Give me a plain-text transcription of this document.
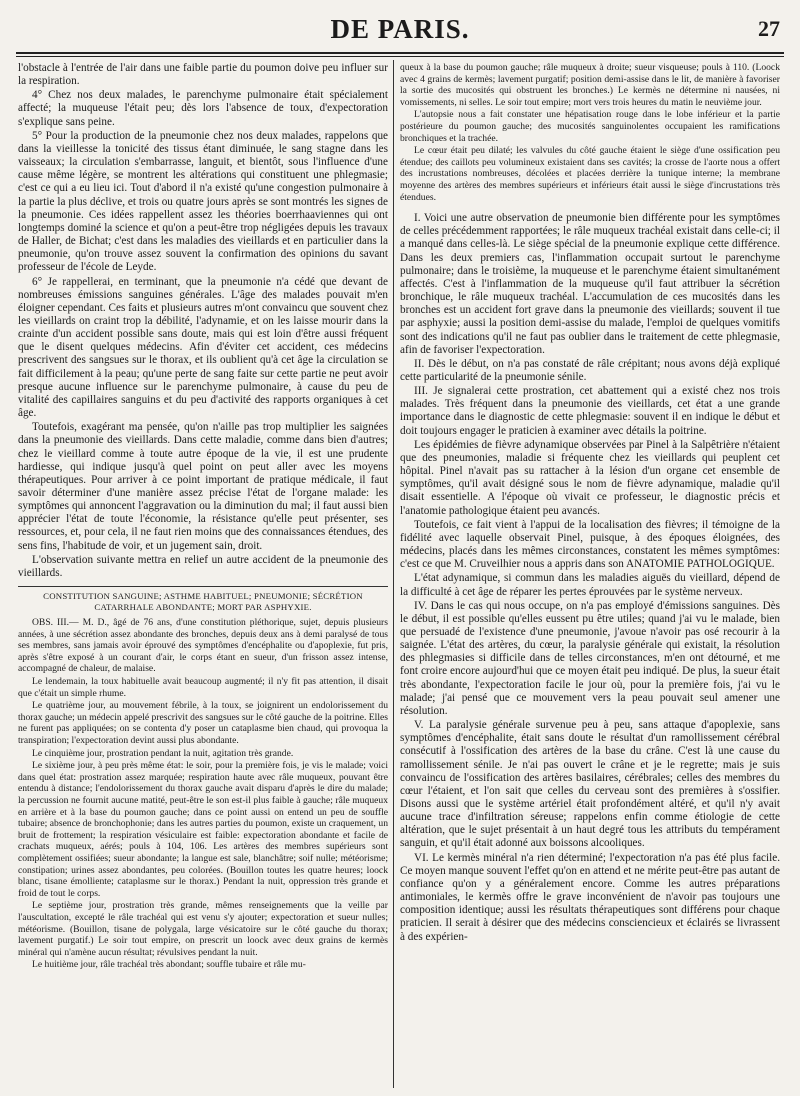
DE PARIS.	27

l'obstacle à l'entrée de l'air dans une faible partie du poumon doive peu influer sur la respiration.

4° Chez nos deux malades, le parenchyme pulmonaire était spécialement affecté; la muqueuse l'était peu; dès lors l'absence de toux, d'expectoration s'explique sans peine.

5° Pour la production de la pneumonie chez nos deux malades, rappelons que dans la vieillesse la tonicité des tissus étant diminuée, le sang stagne dans les vaisseaux; la circulation s'embarrasse, languit, et bientôt, sous l'influence d'une cause même légère, se montrent les altérations qui constituent une phlegmasie; c'est ce qui a eu lieu ici. Tout d'abord il n'a existé qu'une congestion pulmonaire à la partie la plus déclive, et trois ou quatre jours après se sont montrés les signes de la pneumonie. Ces idées rappellent assez les théories boerrhaaviennes qui ont longtemps dominé la science et qu'on a peut-être trop négligées depuis les travaux de Haller, de Bichat; c'est dans les maladies des vieillards et en particulier dans la pneumonie, qu'on trouve assez souvent la confirmation des opinions du savant professeur de l'école de Leyde.

6° Je rappellerai, en terminant, que la pneumonie n'a cédé que devant de nombreuses émissions sanguines générales. L'âge des malades pouvait m'en éloigner cependant. Ces faits et plusieurs autres m'ont convaincu que souvent chez les vieillards on craint trop la débilité, l'adynamie, et on les laisse mourir dans la crainte d'un accident possible sans doute, mais qui est loin d'être aussi fréquent que le disent quelques médecins. Afin d'éviter cet accident, ces médecins prescrivent des sangsues sur le thorax, et ils oublient qu'à cet âge la circulation se fait difficilement à la peau; qu'une perte de sang faite sur cette partie ne peut avoir presque aucune influence sur le parenchyme pulmonaire, à cause du peu de vitalité des capillaires sanguins et du peu d'activité des rapports organiques à cet âge.

Toutefois, exagérant ma pensée, qu'on n'aille pas trop multiplier les saignées dans la pneumonie des vieillards. Dans cette maladie, comme dans bien d'autres; chez le vieillard comme à toute autre époque de la vie, il est une prudente hardiesse, qui indique jusqu'à quel point on peut aller avec les moyens thérapeutiques. Pour arriver à ce point important de pratique médicale, il faut savoir déterminer d'une manière assez précise l'état de l'organe malade: les symptômes qui annoncent l'aggravation ou la diminution du mal; il faut aussi bien apprécier l'état de toute l'économie, la résistance qu'elle peut présenter, ses ressources, et, pour cela, il ne faut rien moins que des connaissances étendues, des sens fins, l'habitude de voir, et un jugement sain, droit.

L'observation suivante mettra en relief un autre accident de la pneumonie des vieillards.

CONSTITUTION SANGUINE; ASTHME HABITUEL; PNEUMONIE; SÉCRÉTION CATARRHALE ABONDANTE; MORT PAR ASPHYXIE.

OBS. III.— M. D., âgé de 76 ans, d'une constitution pléthorique, sujet, depuis plusieurs années, à une sécrétion assez abondante des bronches, depuis deux ans à demi paralysé de tous ses membres, sans jamais avoir éprouvé des symptômes d'encéphalite ou d'apoplexie, fut pris, après s'être exposé à un courant d'air, le corps étant en sueur, d'un frisson assez intense, accompagné de chaleur, de malaise.

Le lendemain, la toux habituelle avait beaucoup augmenté; il n'y fit pas attention, il disait que c'était un simple rhume.

Le quatrième jour, au mouvement fébrile, à la toux, se joignirent un endolorissement du thorax gauche; un médecin appelé prescrivit des sangsues sur le côté gauche de la poitrine. Elles ne furent pas appliquées; on se contenta d'y poser un cataplasme bien chaud, qui provoqua la transpiration; l'expectoration devint aussi plus abondante.

Le cinquième jour, prostration pendant la nuit, agitation très grande.

Le sixième jour, à peu près même état: le soir, pour la première fois, je vis le malade; voici dans quel état: prostration assez marquée; respiration haute avec râle muqueux, pouvant être entendu à distance; l'endolorissement du thorax gauche avait disparu d'après le dire du malade; la percussion ne fournit aucune matité, peut-être le son est-il plus faible à gauche; râle muqueux en arrière et à la base du poumon gauche; dans ce point aussi on entend un peu de souffle tubaire; absence de bronchophonie; dans les autres parties du poumon, existe un craquement, un bruit de frottement; la respiration vésiculaire est faible: expectoration abondante et facile de crachats muqueux, aérés; pouls à 104, 106. Les artères des membres supérieurs sont complètement ossifiées; sueur abondante; la langue est sale, blanchâtre; soif nulle; météorisme; constipation; urines assez abondantes, peu colorées. (Bouillon toutes les quatre heures; loock blanc, tisane émolliente; cataplasme sur le thorax.) Pendant la nuit, oppression très grande et froid de tout le corps.

Le septième jour, prostration très grande, mêmes renseignements que la veille par l'auscultation, excepté le râle trachéal qui est venu s'y ajouter; expectoration et sueur nulles; météorisme. (Bouillon, tisane de polygala, large vésicatoire sur le côté gauche du thorax; lavement purgatif.) Le soir tout empire, on prescrit un loock avec deux grains de kermès minéral qui n'amène aucun résultat; révulsives pendant la nuit.

Le huitième jour, râle trachéal très abondant; souffle tubaire et râle mu-

queux à la base du poumon gauche; râle muqueux à droite; sueur visqueuse; pouls à 110. (Loock avec 4 grains de kermès; lavement purgatif; position demi-assise dans le lit, de manière à favoriser la sortie des mucosités qui obstruent les bronches.) Le kermès ne détermine ni nausées, ni vomissements, ni selles. Le soir tout empire; mort vers trois heures du matin le neuvième jour.

L'autopsie nous a fait constater une hépatisation rouge dans le lobe inférieur et la partie postérieure du poumon gauche; des mucosités sanguinolentes occupaient les ramifications bronchiques et la trachée.

Le cœur était peu dilaté; les valvules du côté gauche étaient le siège d'une ossification peu étendue; des caillots peu volumineux existaient dans ses cavités; la crosse de l'aorte nous a offert des incrustations nombreuses, décolées et placées derrière la tunique interne; la membrane moyenne des artères des membres supérieurs et inférieurs était aussi le siège d'incrustations très étendues.

I. Voici une autre observation de pneumonie bien différente pour les symptômes de celles précédemment rapportées; le râle muqueux trachéal existait dans celle-ci; il a manqué dans celles-là. Le siège spécial de la pneumonie explique cette différence. Dans les deux premiers cas, l'inflammation occupait surtout le parenchyme pulmonaire; dans le troisième, la muqueuse et le parenchyme étaient simultanément affectés. C'est à l'inflammation de la muqueuse qu'il faut attribuer la sécrétion bronchique, le râle muqueux trachéal. L'accumulation de ces mucosités dans les bronches est un accident fort grave dans la pneumonie des vieillards; souvent il tue par asphyxie; aussi la position demi-assise du malade, l'emploi de quelques vomitifs sont des indications qu'il ne faut pas oublier dans le traitement de cette phlegmasie, afin de favoriser l'expectoration.

II. Dès le début, on n'a pas constaté de râle crépitant; nous avons déjà expliqué cette particularité de la pneumonie sénile.

III. Je signalerai cette prostration, cet abattement qui a existé chez nos trois malades. Très fréquent dans la pneumonie des vieillards, cet état a une grande importance dans le diagnostic de cette phlegmasie: souvent il en indique le début et doit toujours engager le praticien à examiner avec détails la poitrine.

Les épidémies de fièvre adynamique observées par Pinel à la Salpêtrière n'étaient que des pneumonies, maladie si fréquente chez les vieillards qui peuplent cet hôpital. Pinel n'avait pas su rattacher à la lésion d'un organe cet ensemble de symptômes, qu'il avait désigné sous le nom de fièvre adynamique, maladie qu'il disait essentielle. A l'époque où vivait ce professeur, le diagnostic précis et l'anatomie pathologique étaient peu avancés.

Toutefois, ce fait vient à l'appui de la localisation des fièvres; il témoigne de la fidélité avec laquelle observait Pinel, puisque, à des époques éloignées, des médecins, placés dans les mêmes circonstances, constatent les mêmes symptômes: c'est ce que M. Cruveilhier nous a appris dans son ANATOMIE PATHOLOGIQUE.

L'état adynamique, si commun dans les maladies aiguës du vieillard, dépend de la difficulté à cet âge de réparer les pertes éprouvées par le système nerveux.

IV. Dans le cas qui nous occupe, on n'a pas employé d'émissions sanguines. Dès le début, il est possible qu'elles eussent pu être utiles; quand j'ai vu le malade, bien que persuadé de l'existence d'une pneumonie, j'avoue n'avoir pas osé recourir à la saignée. L'état des artères, du cœur, la paralysie générale qui existait, la résolution des phlegmasies si difficile dans de telles circonstances, m'en ont détourné, et me font croire encore aujourd'hui que ce moyen était peu indiqué. De plus, la sueur était très abondante, l'expectoration facile le jour où, pour la première fois, j'ai vu le malade; j'ai pensé que ce mouvement vers la peau pouvait seul amener une résolution.

V. La paralysie générale survenue peu à peu, sans attaque d'apoplexie, sans symptômes d'encéphalite, était sans doute le résultat d'un ramollissement cérébral consécutif à l'ossification des artères de la base du crâne. C'est là une cause du ramollissement sénile. Je n'ai pas ouvert le crâne et je le regrette; mais je suis convaincu de l'ossification des artères basilaires, cérébrales; celles des membres du cœur l'étaient, et l'on sait que celles du cerveau sont des premières à s'ossifier. Disons aussi que le système artériel était profondément altéré, et qu'il n'y avait aucune trace d'infiltration séreuse; rappelons enfin comme étiologie de cette altération, que le sujet présentait à un haut degré tous les attributs du tempérament sanguin, et qu'il était adonné aux boissons alcooliques.

VI. Le kermès minéral n'a rien déterminé; l'expectoration n'a pas été plus facile. Ce moyen manque souvent l'effet qu'on en attend et ne mérite peut-être pas autant de confiance qu'on y a généralement encore. Comme les autres préparations antimoniales, le kermès offre le grave inconvénient de n'avoir pas toujours une composition identique; aussi les résultats thérapeutiques sont différens pour chaque praticien. Il serait à désirer que des médecins consciencieux et éclairés se livrassent à des expérien-
